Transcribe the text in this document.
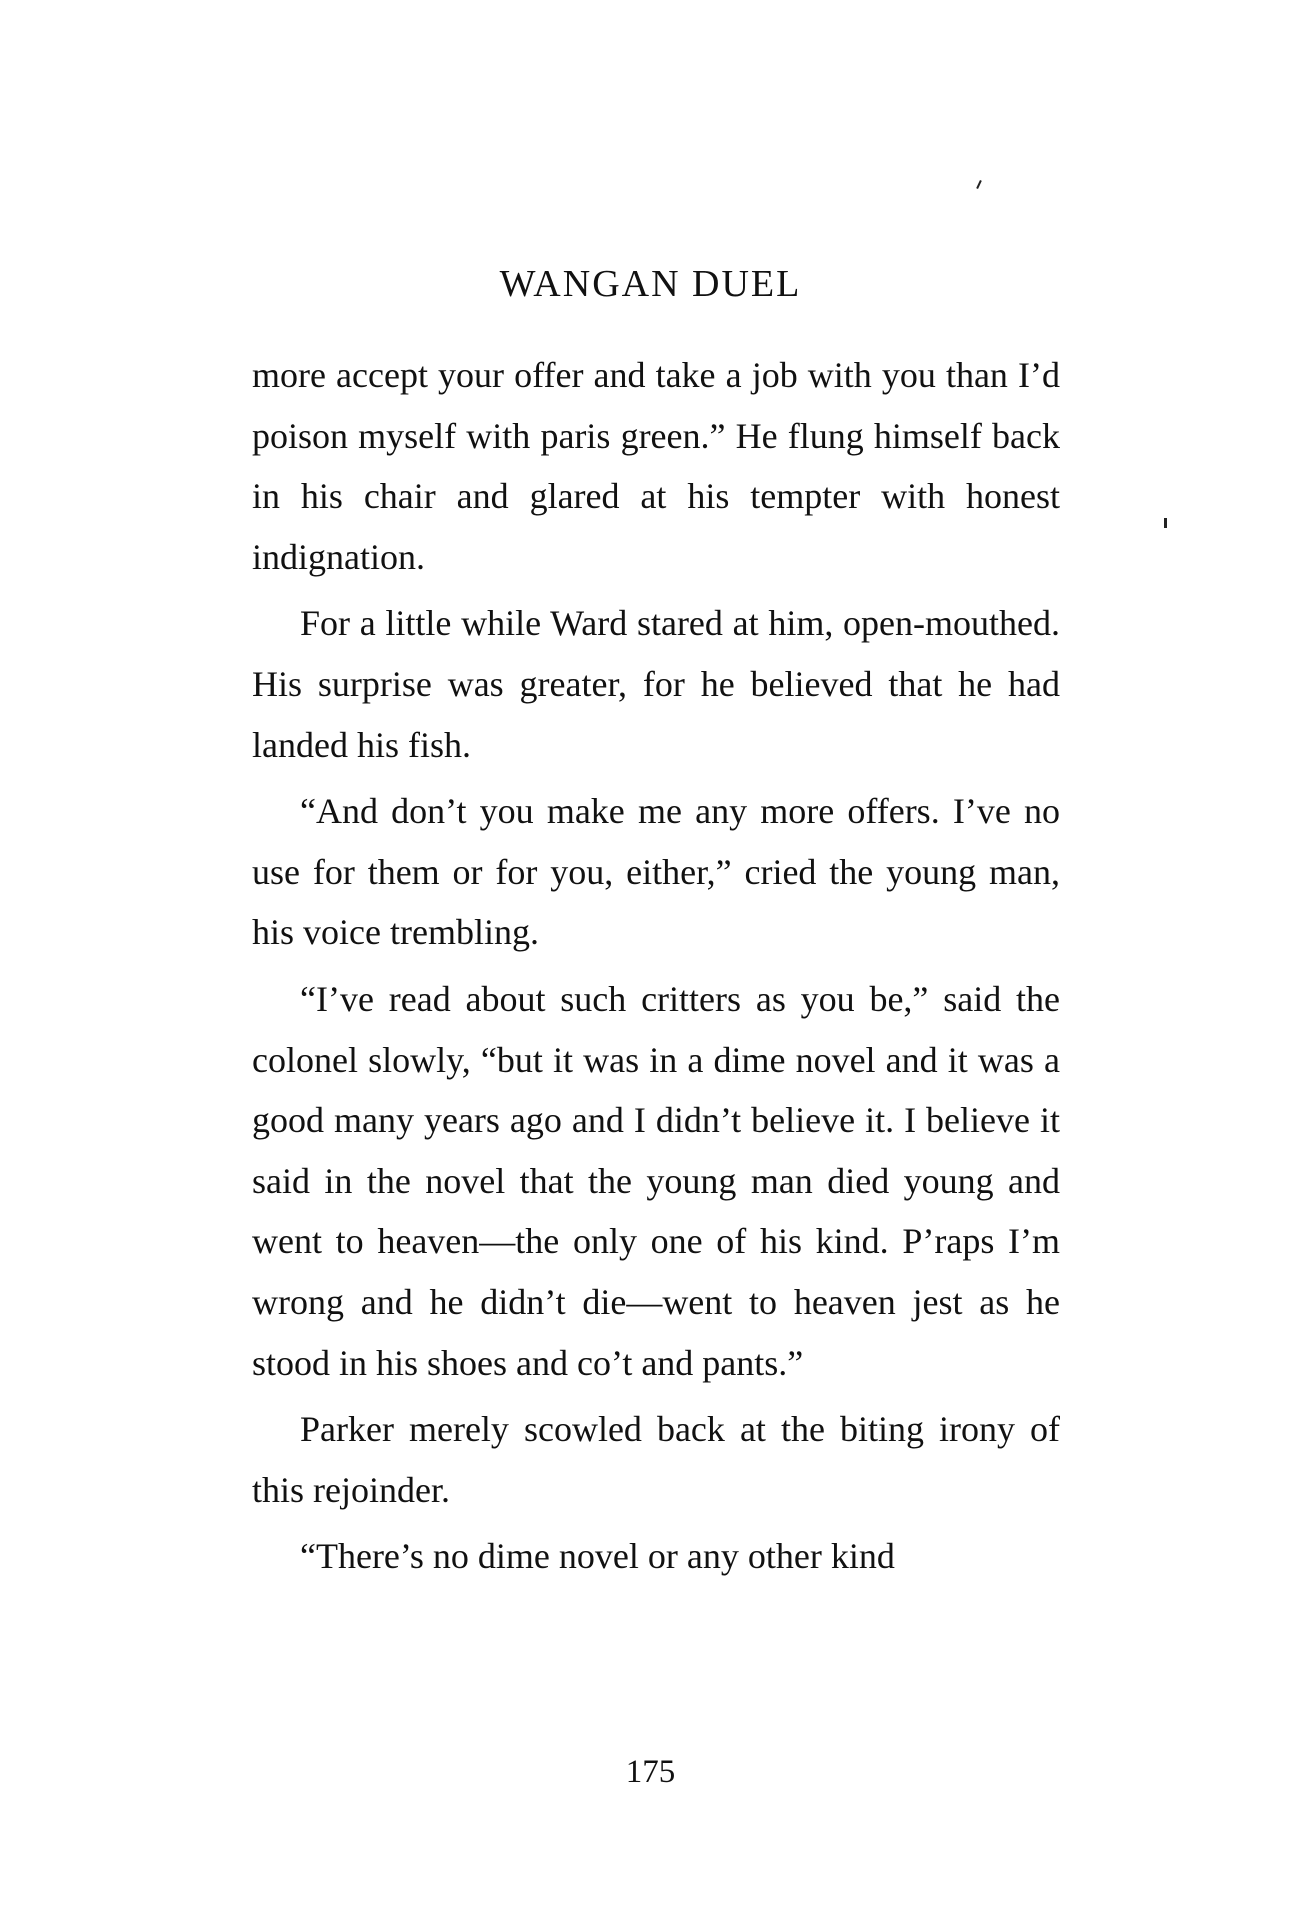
WANGAN DUEL

more accept your offer and take a job with you than I’d poison myself with paris green.” He flung himself back in his chair and glared at his tempter with honest indignation.

For a little while Ward stared at him, open-mouthed. His surprise was greater, for he believed that he had landed his fish.

“And don’t you make me any more offers. I’ve no use for them or for you, either,” cried the young man, his voice trembling.

“I’ve read about such critters as you be,” said the colonel slowly, “but it was in a dime novel and it was a good many years ago and I didn’t believe it. I believe it said in the novel that the young man died young and went to heaven—the only one of his kind. P’raps I’m wrong and he didn’t die—went to heaven jest as he stood in his shoes and co’t and pants.”

Parker merely scowled back at the biting irony of this rejoinder.

“There’s no dime novel or any other kind

175
